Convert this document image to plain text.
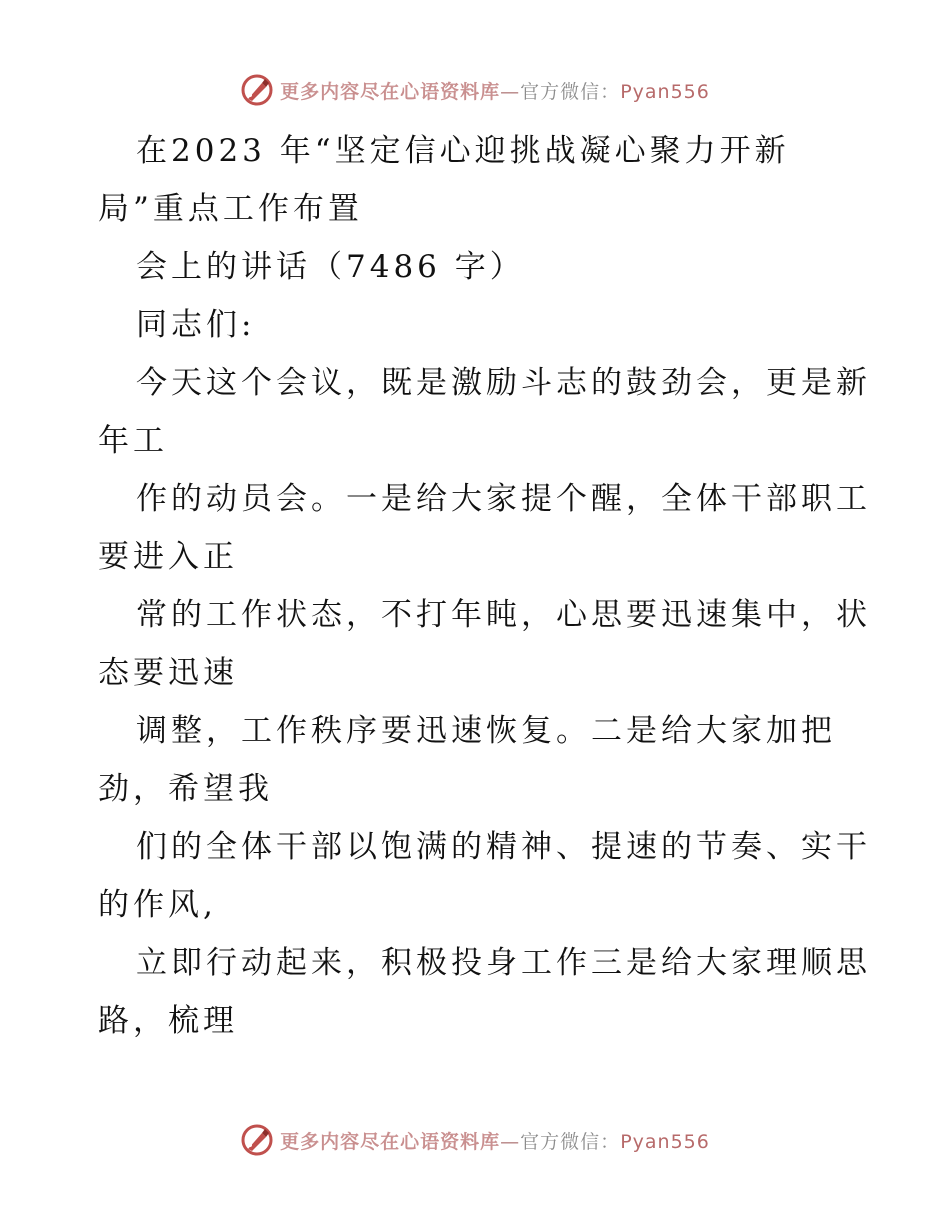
更多内容尽在心语资料库—官方微信：Pyan556
在2023 年“坚定信心迎挑战凝心聚力开新
局”重点工作布置
会上的讲话（7486 字）
同志们:
今天这个会议，既是激励斗志的鼓劲会，更是新
年工
作的动员会。一是给大家提个醒，全体干部职工
要进入正
常的工作状态，不打年盹，心思要迅速集中，状
态要迅速
调整，工作秩序要迅速恢复。二是给大家加把
劲，希望我
们的全体干部以饱满的精神、提速的节奏、实干
的作风,
立即行动起来，积极投身工作三是给大家理顺思
路，梳理
更多内容尽在心语资料库—官方微信：Pyan556
